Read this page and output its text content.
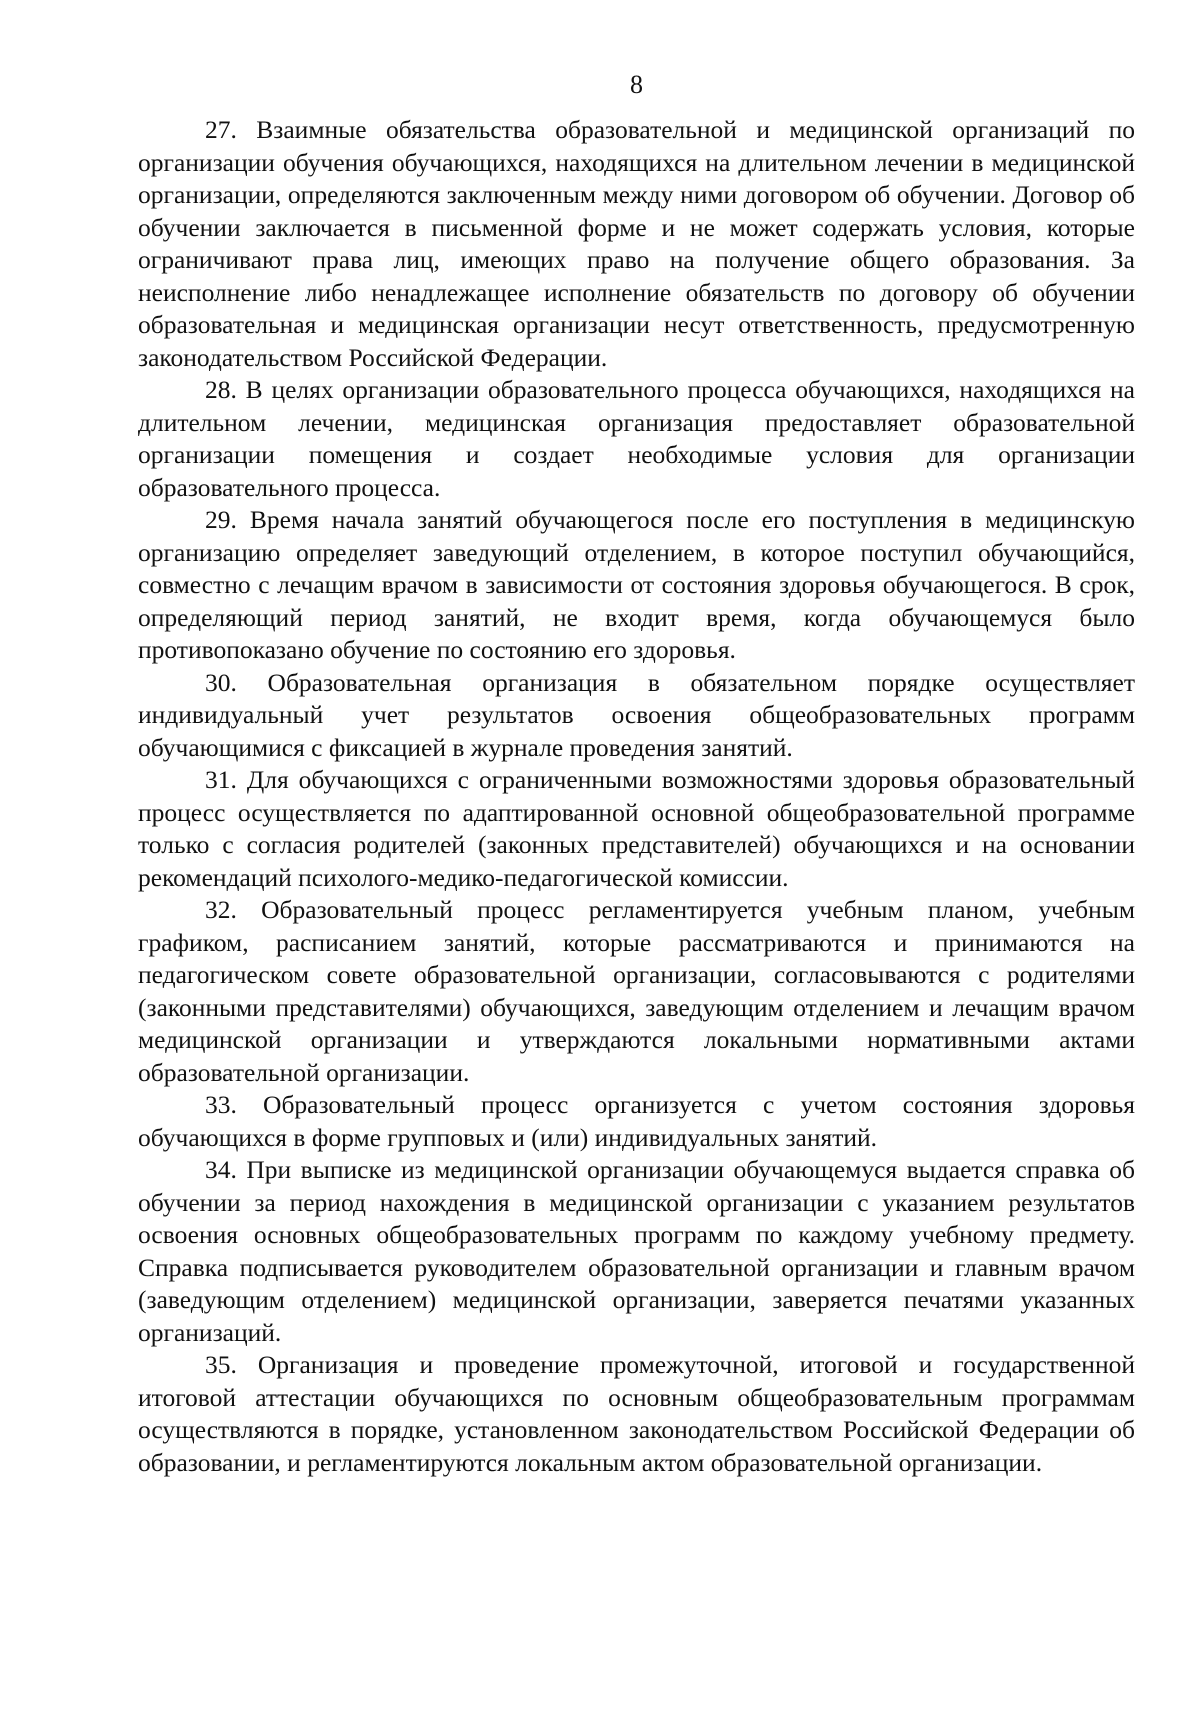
8

27. Взаимные обязательства образовательной и медицинской организаций по организации обучения обучающихся, находящихся на длительном лечении в медицинской организации, определяются заключенным между ними договором об обучении. Договор об обучении заключается в письменной форме и не может содержать условия, которые ограничивают права лиц, имеющих право на получение общего образования. За неисполнение либо ненадлежащее исполнение обязательств по договору об обучении образовательная и медицинская организации несут ответственность, предусмотренную законодательством Российской Федерации.

28. В целях организации образовательного процесса обучающихся, находящихся на длительном лечении, медицинская организация предоставляет образовательной организации помещения и создает необходимые условия для организации образовательного процесса.

29. Время начала занятий обучающегося после его поступления в медицинскую организацию определяет заведующий отделением, в которое поступил обучающийся, совместно с лечащим врачом в зависимости от состояния здоровья обучающегося. В срок, определяющий период занятий, не входит время, когда обучающемуся было противопоказано обучение по состоянию его здоровья.

30. Образовательная организация в обязательном порядке осуществляет индивидуальный учет результатов освоения общеобразовательных программ обучающимися с фиксацией в журнале проведения занятий.

31. Для обучающихся с ограниченными возможностями здоровья образовательный процесс осуществляется по адаптированной основной общеобразовательной программе только с согласия родителей (законных представителей) обучающихся и на основании рекомендаций психолого-медико-педагогической комиссии.

32. Образовательный процесс регламентируется учебным планом, учебным графиком, расписанием занятий, которые рассматриваются и принимаются на педагогическом совете образовательной организации, согласовываются с родителями (законными представителями) обучающихся, заведующим отделением и лечащим врачом медицинской организации и утверждаются локальными нормативными актами образовательной организации.

33. Образовательный процесс организуется с учетом состояния здоровья обучающихся в форме групповых и (или) индивидуальных занятий.

34. При выписке из медицинской организации обучающемуся выдается справка об обучении за период нахождения в медицинской организации с указанием результатов освоения основных общеобразовательных программ по каждому учебному предмету. Справка подписывается руководителем образовательной организации и главным врачом (заведующим отделением) медицинской организации, заверяется печатями указанных организаций.

35. Организация и проведение промежуточной, итоговой и государственной итоговой аттестации обучающихся по основным общеобразовательным программам осуществляются в порядке, установленном законодательством Российской Федерации об образовании, и регламентируются локальным актом образовательной организации.
